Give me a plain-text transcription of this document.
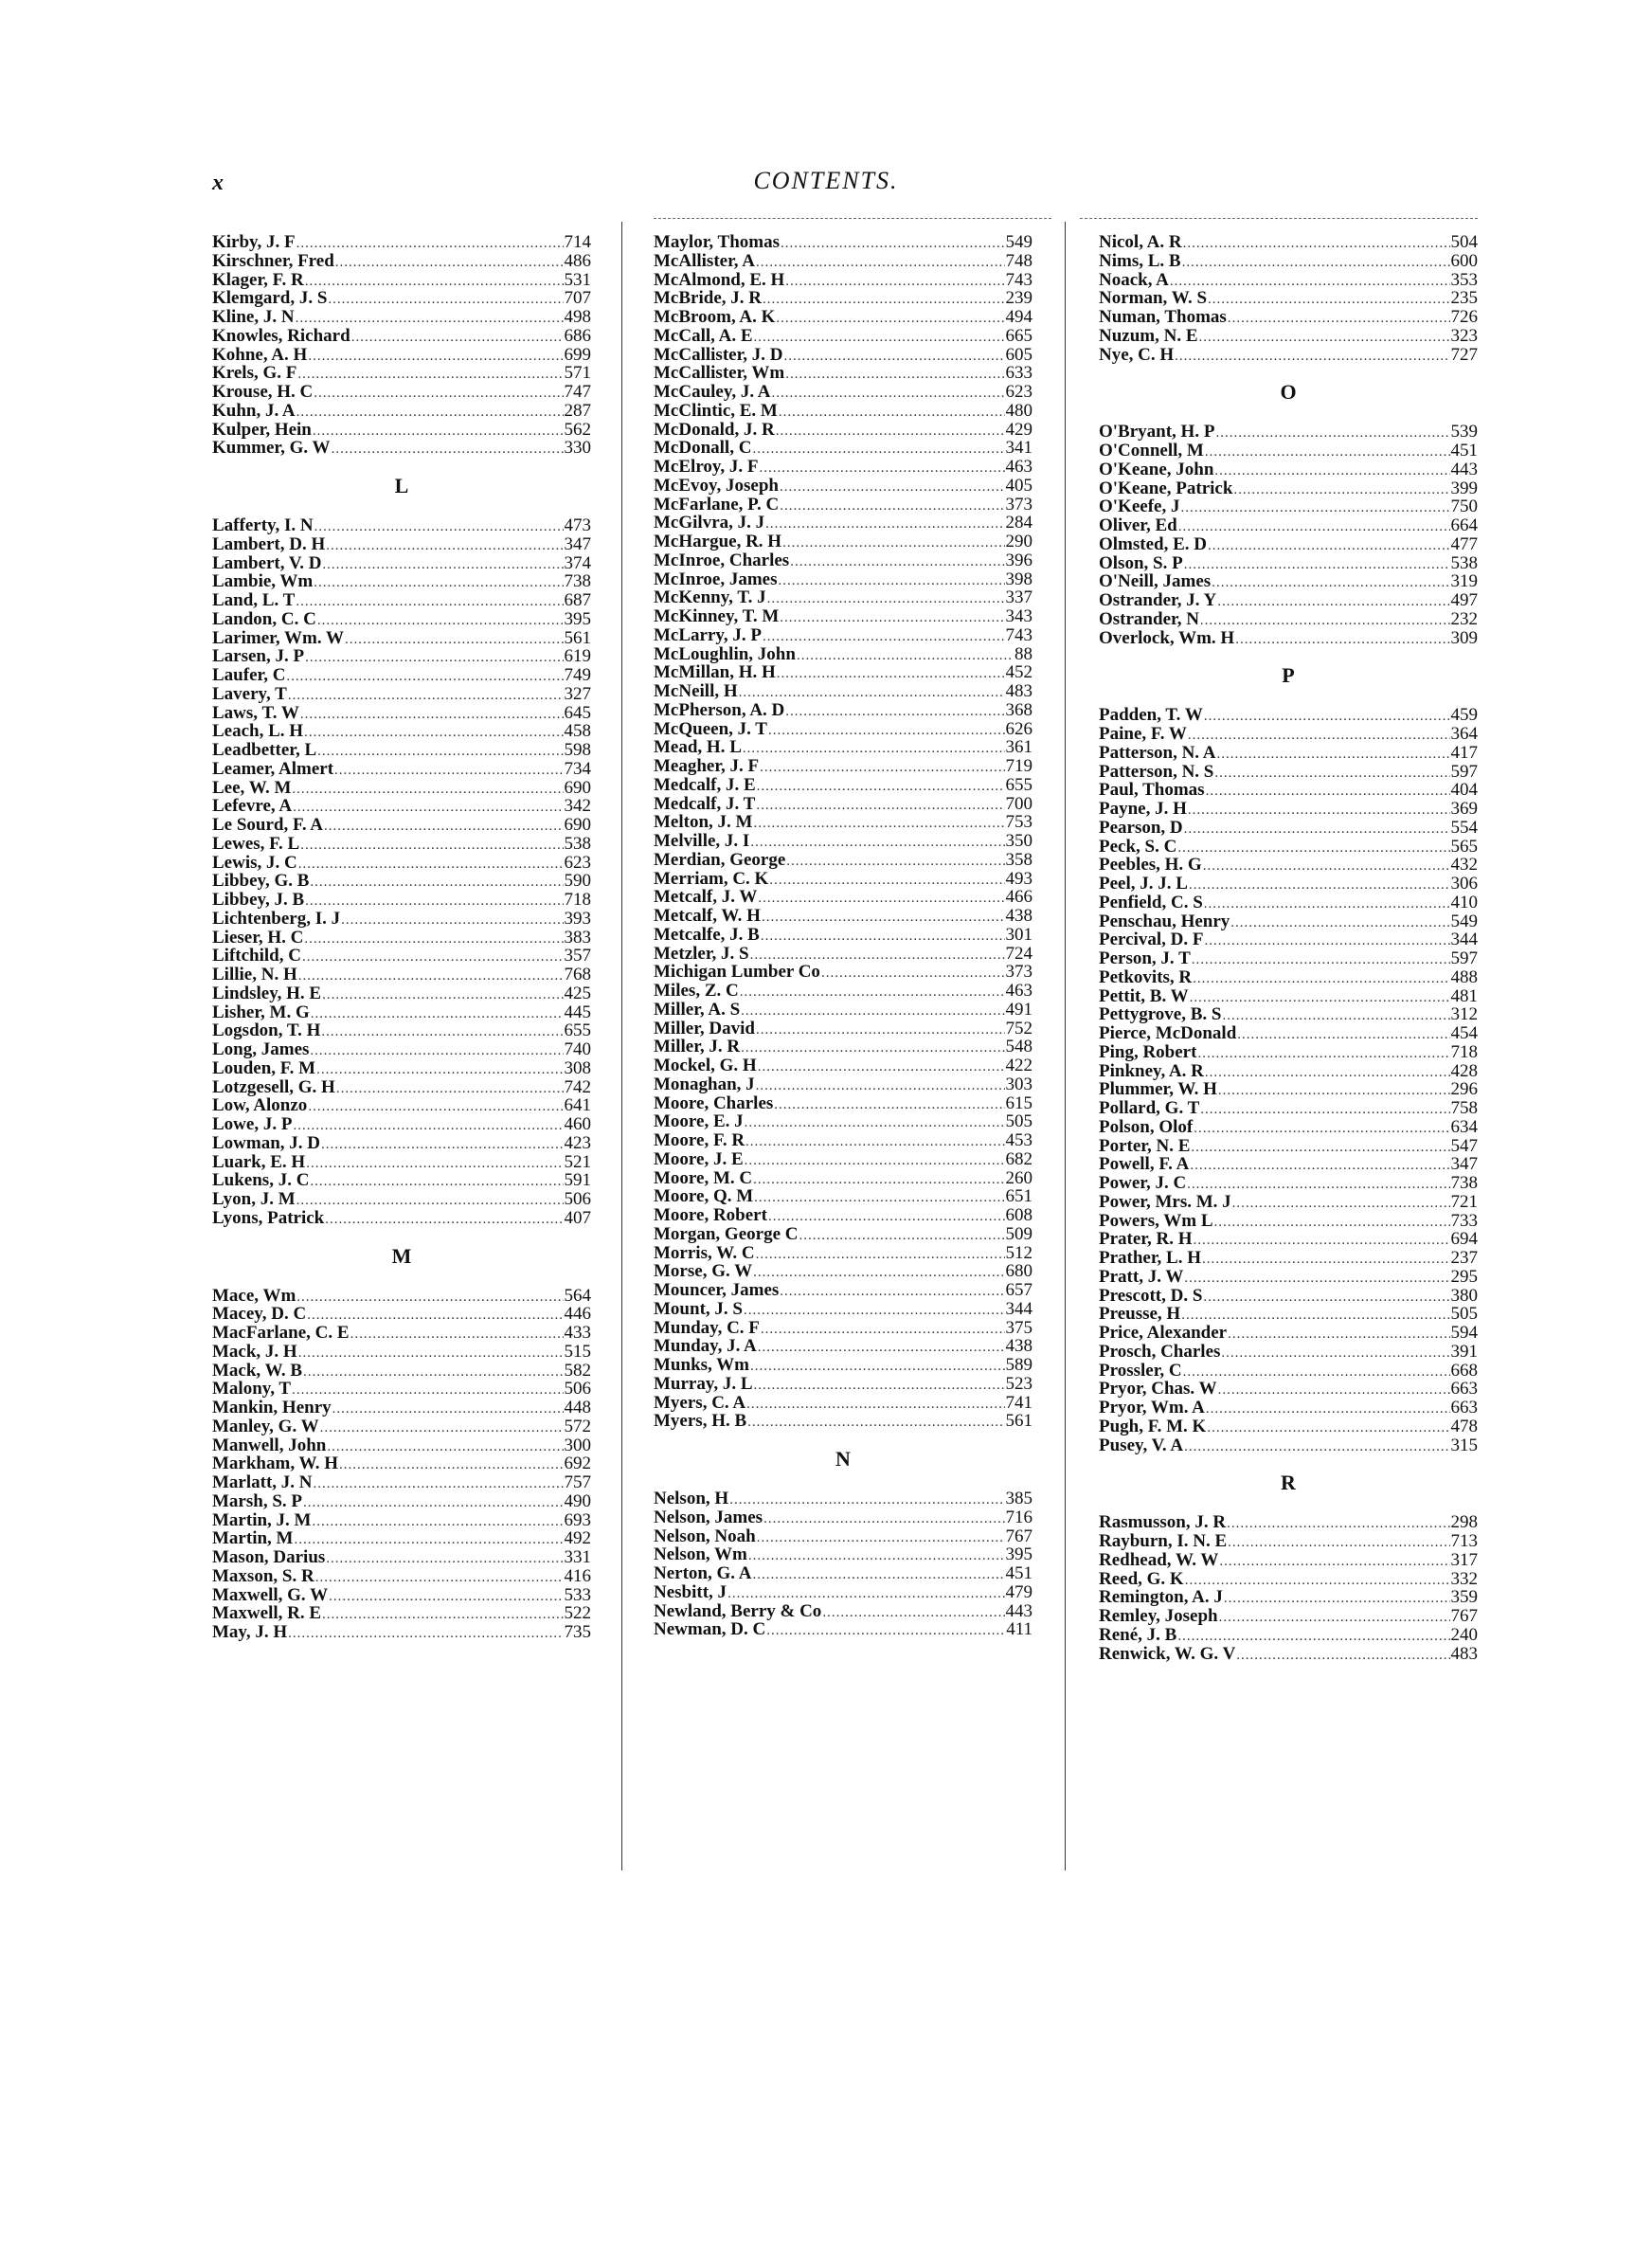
x	CONTENTS.
Kirby, J. F .....	714
Kirschner, Fred .....	486
Klager, F. R .....	531
Klemgard, J. S .....	707
Kline, J. N .....	498
Knowles, Richard .....	686
Kohne, A. H .....	699
Krels, G. F .....	571
Krouse, H. C .....	747
Kuhn, J. A .....	287
Kulper, Hein .....	562
Kummer, G. W .....	330
L
Lafferty, I. N .....	473
Lambert, D. H .....	347
Lambert, V. D .....	374
Lambie, Wm .....	738
Land, L. T .....	687
Landon, C. C .....	395
Larimer, Wm. W .....	561
Larsen, J. P .....	619
Laufer, C .....	749
Lavery, T .....	327
Laws, T. W .....	645
Leach, L. H .....	458
Leadbetter, L .....	598
Leamer, Almert .....	734
Lee, W. M .....	690
Lefevre, A .....	342
Le Sourd, F. A .....	690
Lewes, F. L .....	538
Lewis, J. C .....	623
Libbey, G. B .....	590
Libbey, J. B .....	718
Lichtenberg, I. J .....	393
Lieser, H. C .....	383
Liftchild, C .....	357
Lillie, N. H .....	768
Lindsley, H. E .....	425
Lisher, M. G .....	445
Logsdon, T. H .....	655
Long, James .....	740
Louden, F. M .....	308
Lotzgesell, G. H .....	742
Low, Alonzo .....	641
Lowe, J. P .....	460
Lowman, J. D .....	423
Luark, E. H .....	521
Lukens, J. C .....	591
Lyon, J. M .....	506
Lyons, Patrick .....	407
M
Mace, Wm .....	564
Macey, D. C .....	446
MacFarlane, C. E .....	433
Mack, J. H .....	515
Mack, W. B .....	582
Malony, T .....	506
Mankin, Henry .....	448
Manley, G. W .....	572
Manwell, John .....	300
Markham, W. H .....	692
Marlatt, J. N .....	757
Marsh, S. P .....	490
Martin, J. M .....	693
Martin, M .....	492
Mason, Darius .....	331
Maxson, S. R .....	416
Maxwell, G. W .....	533
Maxwell, R. E .....	522
May, J. H .....	735
Maylor, Thomas .....	549
McAllister, A .....	748
McAlmond, E. H .....	743
McBride, J. R .....	239
McBroom, A. K .....	494
McCall, A. E .....	665
McCallister, J. D .....	605
McCallister, Wm .....	633
McCauley, J. A .....	623
McClintic, E. M .....	480
McDonald, J. R .....	429
McDonall, C .....	341
McElroy, J. F .....	463
McEvoy, Joseph .....	405
McFarlane, P. C .....	373
McGilvra, J. J .....	284
McHargue, R. H .....	290
McInroe, Charles .....	396
McInroe, James .....	398
McKenny, T. J .....	337
McKinney, T. M .....	343
McLarry, J. P .....	743
McLoughlin, John .....	88
McMillan, H. H .....	452
McNeill, H .....	483
McPherson, A. D .....	368
McQueen, J. T .....	626
Mead, H. L .....	361
Meagher, J. F .....	719
Medcalf, J. E .....	655
Medcalf, J. T .....	700
Melton, J. M .....	753
Melville, J. I .....	350
Merdian, George .....	358
Merriam, C. K .....	493
Metcalf, J. W .....	466
Metcalf, W. H .....	438
Metcalfe, J. B .....	301
Metzler, J. S .....	724
Michigan Lumber Co .....	373
Miles, Z. C .....	463
Miller, A. S .....	491
Miller, David .....	752
Miller, J. R .....	548
Mockel, G. H .....	422
Monaghan, J .....	303
Moore, Charles .....	615
Moore, E. J .....	505
Moore, F. R .....	453
Moore, J. E .....	682
Moore, M. C .....	260
Moore, Q. M .....	651
Moore, Robert .....	608
Morgan, George C .....	509
Morris, W. C .....	512
Morse, G. W .....	680
Mouncer, James .....	657
Mount, J. S .....	344
Munday, C. F .....	375
Munday, J. A .....	438
Munks, Wm .....	589
Murray, J. L .....	523
Myers, C. A .....	741
Myers, H. B .....	561
N
Nelson, H .....	385
Nelson, James .....	716
Nelson, Noah .....	767
Nelson, Wm .....	395
Nerton, G. A .....	451
Nesbitt, J .....	479
Newland, Berry & Co .....	443
Newman, D. C .....	411
Nicol, A. R .....	504
Nims, L. B .....	600
Noack, A .....	353
Norman, W. S .....	235
Numan, Thomas .....	726
Nuzum, N. E .....	323
Nye, C. H .....	727
O
O'Bryant, H. P .....	539
O'Connell, M .....	451
O'Keane, John .....	443
O'Keane, Patrick .....	399
O'Keefe, J .....	750
Oliver, Ed .....	664
Olmsted, E. D .....	477
Olson, S. P .....	538
O'Neill, James .....	319
Ostrander, J. Y .....	497
Ostrander, N .....	232
Overlock, Wm. H .....	309
P
Padden, T. W .....	459
Paine, F. W .....	364
Patterson, N. A .....	417
Patterson, N. S .....	597
Paul, Thomas .....	404
Payne, J. H .....	369
Pearson, D .....	554
Peck, S. C .....	565
Peebles, H. G .....	432
Peel, J. J. L .....	306
Penfield, C. S .....	410
Penschau, Henry .....	549
Percival, D. F .....	344
Person, J. T .....	597
Petkovits, R .....	488
Pettit, B. W .....	481
Pettygrove, B. S .....	312
Pierce, McDonald .....	454
Ping, Robert .....	718
Pinkney, A. R .....	428
Plummer, W. H .....	296
Pollard, G. T .....	758
Polson, Olof .....	634
Porter, N. E .....	547
Powell, F. A .....	347
Power, J. C .....	738
Power, Mrs. M. J .....	721
Powers, Wm L .....	733
Prater, R. H .....	694
Prather, L. H .....	237
Pratt, J. W .....	295
Prescott, D. S .....	380
Preusse, H .....	505
Price, Alexander .....	594
Prosch, Charles .....	391
Prossler, C .....	668
Pryor, Chas. W .....	663
Pryor, Wm. A .....	663
Pugh, F. M. K .....	478
Pusey, V. A .....	315
R
Rasmusson, J. R .....	298
Rayburn, I. N. E .....	713
Redhead, W. W .....	317
Reed, G. K .....	332
Remington, A. J .....	359
Remley, Joseph .....	767
René, J. B .....	240
Renwick, W. G. V .....	483
